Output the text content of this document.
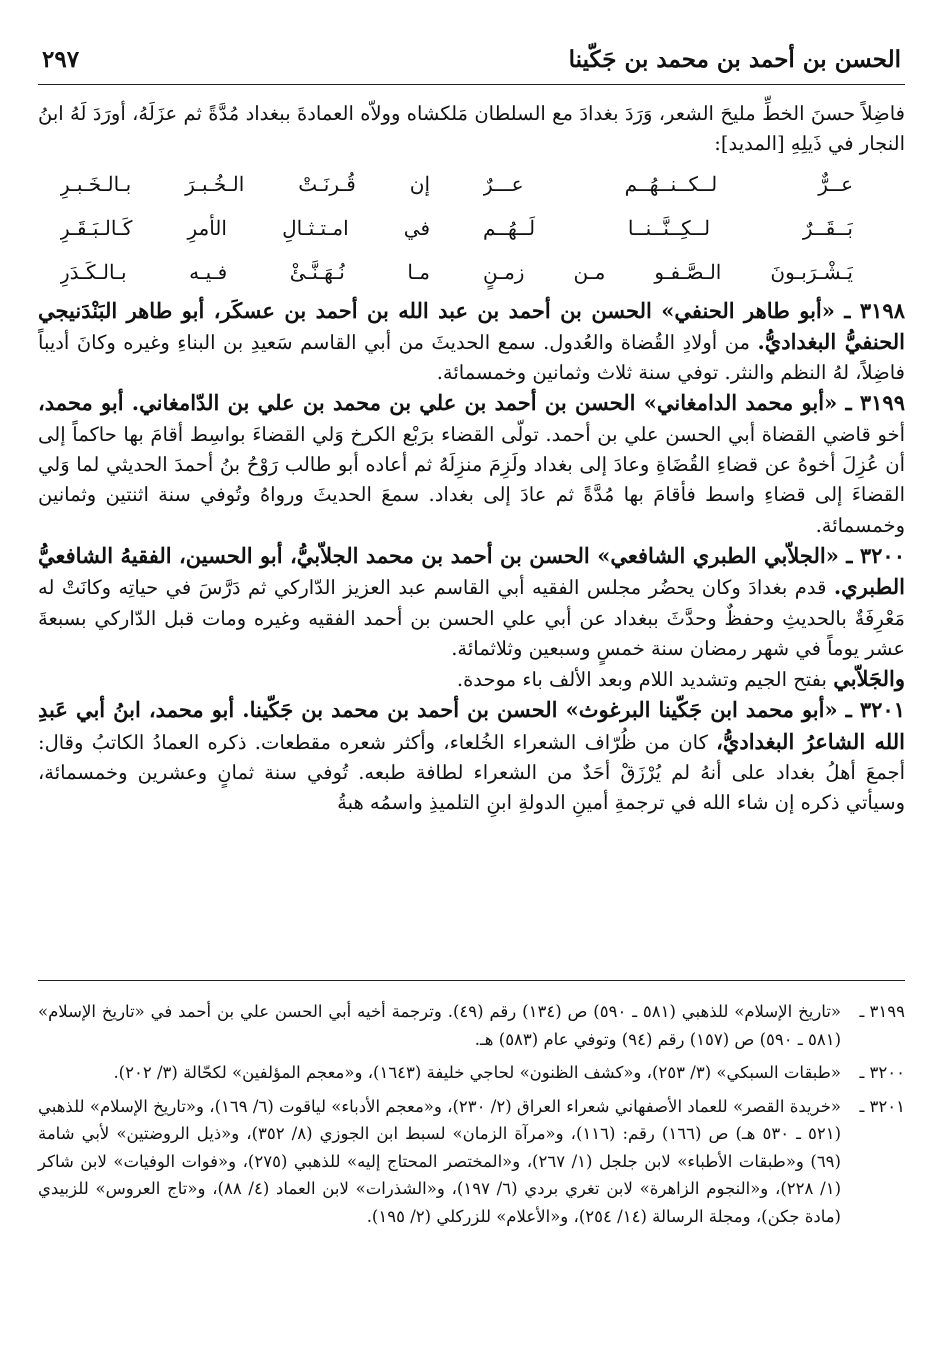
الحسن بن أحمد بن محمد بن جَكّينا
٢٩٧

فاضِلاً حسنَ الخطِّ مليحَ الشعر، وَرَدَ بغدادَ مع السلطان مَلكشاه وولاّه العمادةَ ببغداد مُدَّةً ثم عزَلَهُ، أورَدَ لَهُ ابنُ النجار في ذَيلِهِ [المديد]:

عــرٌّ لــكــنــهُــم عـــرٌ
إن قُـرنَـتْ الـخُـبـرَ بـالـخَـبـرِ
بَــقَــرٌ لــكِــنَّــنــا لَــهُــم
في امـتـثـالِ الأمرِ كَـالـبَـقَـرِ
يَـشْـرَبـونَ الـصَّـفـو مـن زمـنٍ
مـا نُـهَـنَّـئْ فـيـه بـالـكَـدَرِ

٣١٩٨ ـ «أبو طاهر الحنفي» الحسن بن أحمد بن عبد الله بن أحمد بن عسكَر، أبو طاهر البَنْدَنيجي الحنفيُّ البغداديُّ. من أولادِ القُضاة والعُدول. سمع الحديثَ من أبي القاسم سَعيدِ بن البناءِ وغيره وكانَ أديباً فاضِلاً، لهُ النظم والنثر. توفي سنة ثلاث وثمانين وخمسمائة.

٣١٩٩ ـ «أبو محمد الدامغاني» الحسن بن أحمد بن علي بن محمد بن علي بن الدّامغاني. أبو محمد، أخو قاضي القضاة أبي الحسن علي بن أحمد. تولّى القضاء برَبْع الكرخ وَلي القضاءَ بواسِط أقامَ بها حاكماً إلى أن عُزِلَ أخوهُ عن قضاءِ القُضَاةِ وعادَ إلى بغداد ولَزِمَ منزِلَهُ ثم أعاده أبو طالب رَوْحُ بنُ أحمدَ الحديثي لما وَلي القضاءَ إلى قضاءِ واسط فأقامَ بها مُدَّةً ثم عادَ إلى بغداد. سمعَ الحديثَ ورواهُ وتُوفي سنة اثنتين وثمانين وخمسمائة.

٣٢٠٠ ـ «الجلاّبي الطبري الشافعي» الحسن بن أحمد بن محمد الجلاّبيُّ، أبو الحسين، الفقيهُ الشافعيُّ الطبري. قدم بغدادَ وكان يحضُر مجلس الفقيه أبي القاسم عبد العزيز الدّاركي ثم دَرَّسَ في حياتِه وكانَتْ له مَعْرِفَةٌ بالحديثِ وحفظٌ وحدَّثَ ببغداد عن أبي علي الحسن بن أحمد الفقيه وغيره ومات قبل الدّاركي بسبعةَ عشر يوماً في شهر رمضان سنة خمسٍ وسبعين وثلاثمائة.
والجَلاّبي بفتح الجيم وتشديد اللام وبعد الألف باء موحدة.

٣٢٠١ ـ «أبو محمد ابن جَكّينا البرغوث» الحسن بن أحمد بن محمد بن جَكّينا. أبو محمد، ابنُ أبي عَبدِ الله الشاعرُ البغداديُّ، كان من ظُرّاف الشعراء الخُلعاء، وأكثر شعره مقطعات. ذكره العمادُ الكاتبُ وقال: أجمعَ أهلُ بغداد على أنهُ لم يُرْزَقْ أحَدٌ من الشعراء لطافة طبعه. تُوفي سنة ثمانٍ وعشرين وخمسمائة، وسيأتي ذكره إن شاء الله في ترجمةِ أمينِ الدولةِ ابنِ التلميذِ واسمُه هبةُ

٣١٩٩ ـ
«تاريخ الإسلام» للذهبي (٥٨١ ـ ٥٩٠) ص (١٣٤) رقم (٤٩). وترجمة أخيه أبي الحسن علي بن أحمد في «تاريخ الإسلام» (٥٨١ ـ ٥٩٠) ص (١٥٧) رقم (٩٤) وتوفي عام (٥٨٣) هـ.
٣٢٠٠ ـ
«طبقات السبكي» (٣/ ٢٥٣)، و«كشف الظنون» لحاجي خليفة (١٦٤٣)، و«معجم المؤلفين» لكحّالة (٣/ ٢٠٢).
٣٢٠١ ـ
«خريدة القصر» للعماد الأصفهاني شعراء العراق (٢/ ٢٣٠)، و«معجم الأدباء» لياقوت (٦/ ١٦٩)، و«تاريخ الإسلام» للذهبي (٥٢١ ـ ٥٣٠ هـ) ص (١٦٦) رقم: (١١٦)، و«مرآة الزمان» لسبط ابن الجوزي (٨/ ٣٥٢)، و«ذيل الروضتين» لأبي شامة (٦٩) و«طبقات الأطباء» لابن جلجل (١/ ٢٦٧)، و«المختصر المحتاج إليه» للذهبي (٢٧٥)، و«فوات الوفيات» لابن شاكر (١/ ٢٢٨)، و«النجوم الزاهرة» لابن تغري بردي (٦/ ١٩٧)، و«الشذرات» لابن العماد (٤/ ٨٨)، و«تاج العروس» للزبيدي (مادة جكن)، ومجلة الرسالة (١٤/ ٢٥٤)، و«الأعلام» للزركلي (٢/ ١٩٥).
